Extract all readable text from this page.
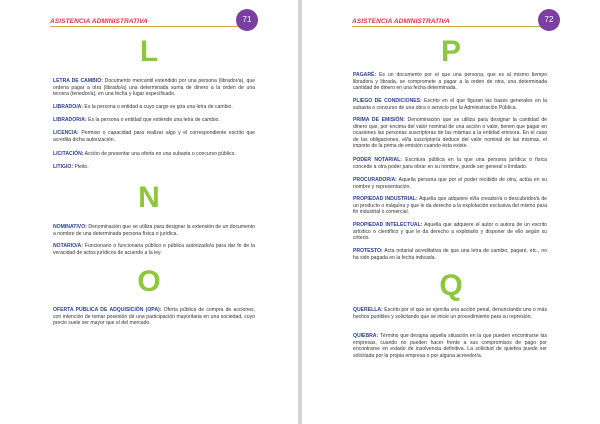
ASISTENCIA ADMINISTRATIVA	71
L
LETRA DE CAMBIO: Documento mercantil extendido por una persona (librador/a), que ordena pagar a otra (librado/a) una determinada suma de dinero a la orden de una tercera (tenedor/a), en una fecha y lugar especificado.
LIBRADO/A: Es la persona o entidad a cuyo cargo se gira una letra de cambio.
LIBRADOR/A: Es la persona o entidad que extiende una letra de cambio.
LICENCIA: Permiso o capacidad para realizar algo y el correspondiente escrito que acredita dicha autorización.
LICITACIÓN: Acción de presentar una oferta en una subasta o concurso público.
LITIGIO: Pleito.
N
NOMINATIVO: Denominación que se utiliza para designar la extensión de un documento a nombre de una determinada persona física o jurídica.
NOTARIO/A: Funcionario o funcionaria público o pública autorizado/a para dar fe de la veracidad de actos jurídicos de acuerdo a la ley.
O
OFERTA PÚBLICA DE ADQUISICIÓN (OPA): Oferta pública de compra de acciones, con intención de tomar posesión de una participación mayoritaria en una sociedad, cuyo precio suele ser mayor que el del mercado.
ASISTENCIA ADMINISTRATIVA	72
P
PAGARÉ: Es un documento por el que una persona, que es al mismo tiempo libradora y librada, se compromete a pagar a la orden de otra, una determinada cantidad de dinero en una fecha determinada.
PLIEGO DE CONDICIONES: Escrito en el que figuran las bases generales en la subasta o concurso de una obra o servicio por la Administración Pública.
PRIMA DE EMISIÓN: Denominación que se utiliza para designar la cantidad de dinero que, por encima del valor nominal de una acción o valor, tienen que pagar en ocasiones las personas suscriptoras de las mismas a la entidad emisora. En el caso de las obligaciones, el/la suscriptor/a deduce del valor nominal de las mismas, el importe de la prima de emisión cuando ésta existe.
PODER NOTARIAL: Escritura pública en la que una persona jurídica o física concede a otra poder para obrar en su nombre, puede ser general o limitado.
PROCURADOR/A: Aquella persona que por el poder recibido de otra, actúa en su nombre y representación.
PROPIEDAD INDUSTRIAL: Aquella que adquiere el/la creador/a o descubridor/a de un producto o máquina y que le da derecho a la explotación exclusiva del mismo para fin industrial o comercial.
PROPIEDAD INTELECTUAL: Aquella que adquiere el autor o autora de un escrito artístico o científico y que le da derecho a explotarlo y disponer de ello según su criterio.
PROTESTO: Acta notarial acreditativa de que una letra de cambio, pagaré, etc., no ha sido pagada en la fecha indicada.
Q
QUERELLA: Escrito por el que se ejercita una acción penal, denunciando uno o más hechos punibles y solicitando que se inicie un procedimiento para su represión.
QUIEBRA: Término que designa aquella situación en la que pueden encontrarse las empresas, cuando no pueden hacer frente a sus compromisos de pago por encontrarse en estado de insolvencia definitiva. La solicitud de quiebra puede ser solicitada por la propia empresa o por alguna acreedor/a.
